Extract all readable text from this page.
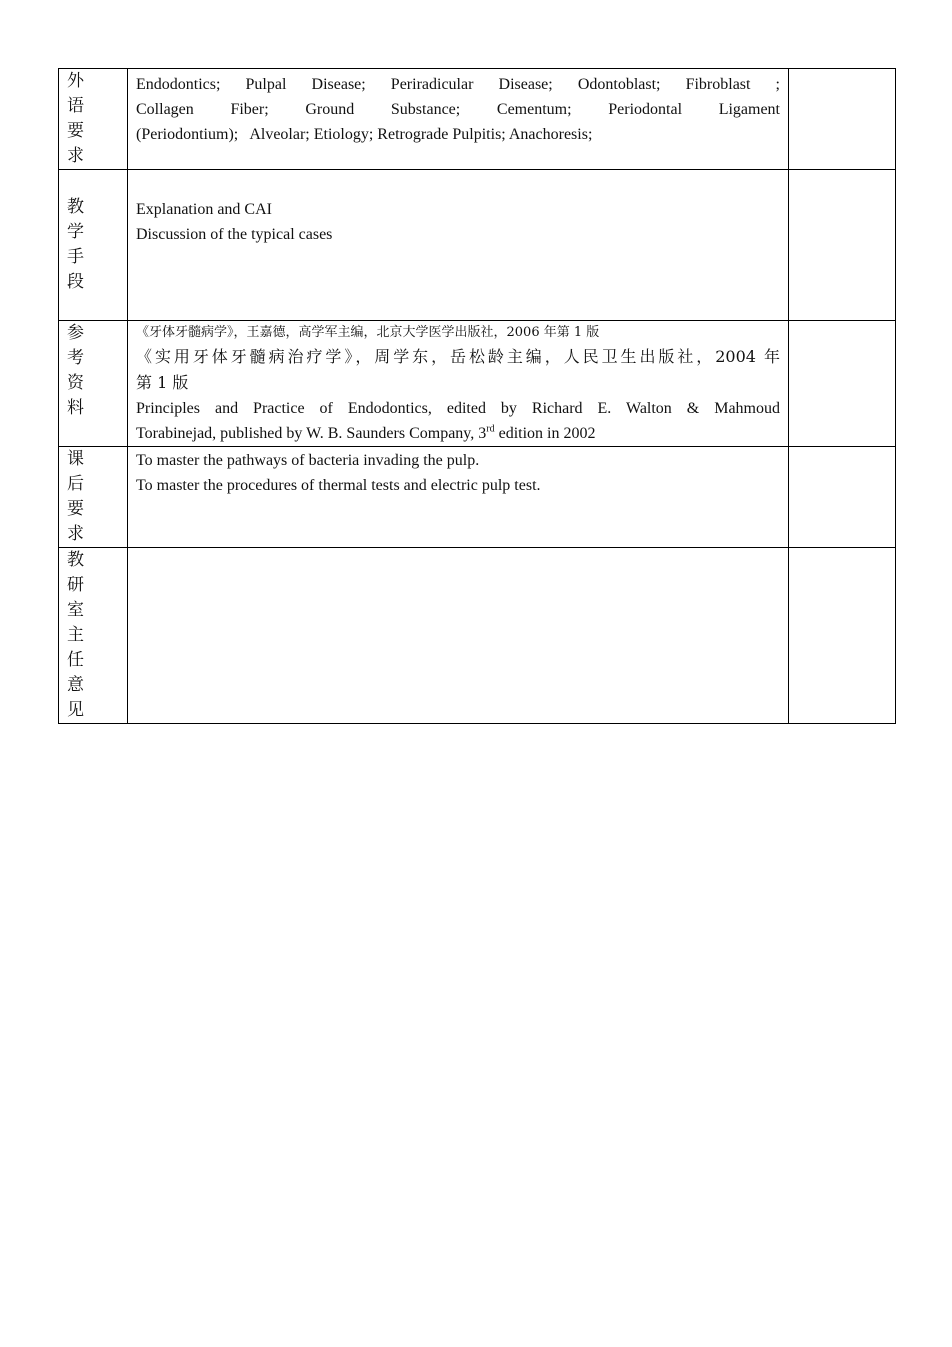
外语要求	Endodontics; Pulpal Disease; Periradicular Disease; Odontoblast; Fibroblast ;
Collagen Fiber; Ground Substance; Cementum; Periodontal Ligament
(Periodontium);   Alveolar; Etiology; Retrograde Pulpitis; Anachoresis;	

教学手段	Explanation and CAI
Discussion of the typical cases	

参考资料	《牙体牙髓病学》，王嘉德，高学军主编，北京大学医学出版社，2006 年第 1 版
《实用牙体牙髓病治疗学》，周学东，岳松龄主编，人民卫生出版社，2004 年
第 1 版
Principles and Practice of Endodontics, edited by Richard E. Walton & Mahmoud
Torabinejad, published by W. B. Saunders Company, 3rd edition in 2002	

课后要求	To master the pathways of bacteria invading the pulp.
To master the procedures of thermal tests and electric pulp test.	

教研室主任意见		
